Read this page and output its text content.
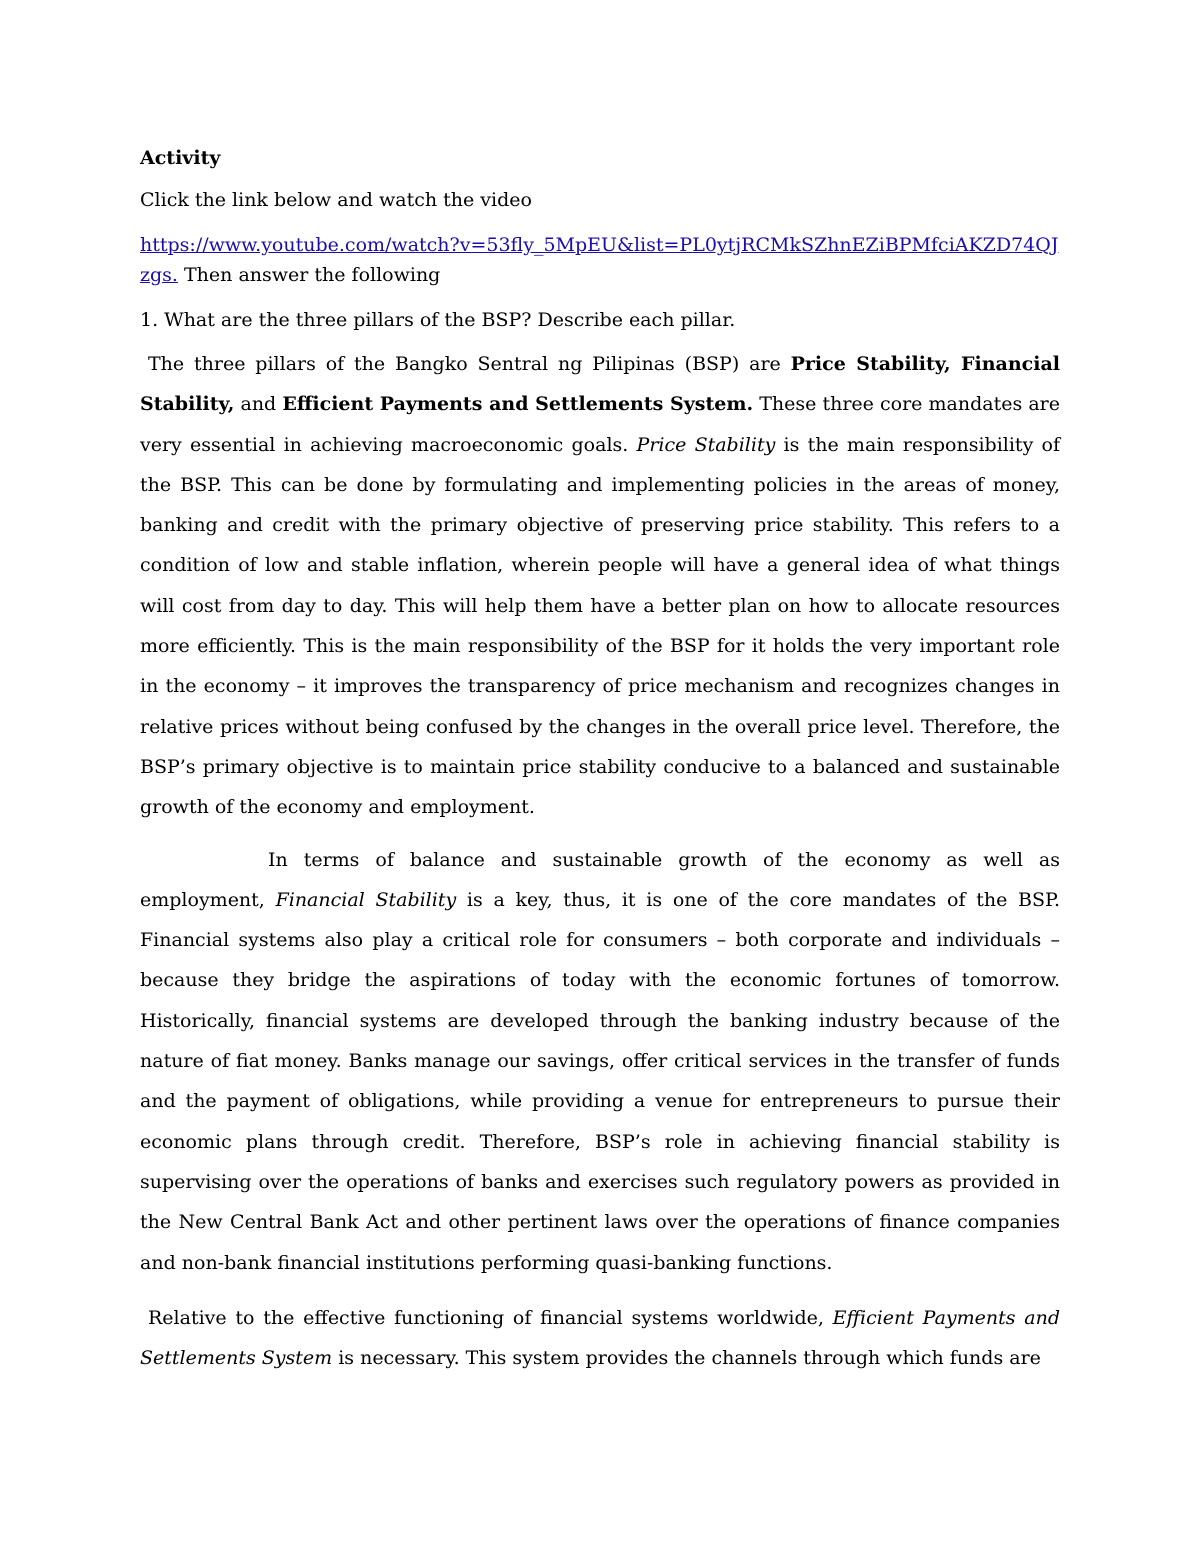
Activity

Click the link below and watch the video

https://www.youtube.com/watch?v=53fly_5MpEU&list=PL0ytjRCMkSZhnEZiBPMfciAKZD74QJzgs. Then answer the following

1. What are the three pillars of the BSP? Describe each pillar.

The three pillars of the Bangko Sentral ng Pilipinas (BSP) are Price Stability, Financial Stability, and Efficient Payments and Settlements System. These three core mandates are very essential in achieving macroeconomic goals. Price Stability is the main responsibility of the BSP. This can be done by formulating and implementing policies in the areas of money, banking and credit with the primary objective of preserving price stability. This refers to a condition of low and stable inflation, wherein people will have a general idea of what things will cost from day to day. This will help them have a better plan on how to allocate resources more efficiently. This is the main responsibility of the BSP for it holds the very important role in the economy – it improves the transparency of price mechanism and recognizes changes in relative prices without being confused by the changes in the overall price level. Therefore, the BSP’s primary objective is to maintain price stability conducive to a balanced and sustainable growth of the economy and employment.

In terms of balance and sustainable growth of the economy as well as employment, Financial Stability is a key, thus, it is one of the core mandates of the BSP. Financial systems also play a critical role for consumers – both corporate and individuals – because they bridge the aspirations of today with the economic fortunes of tomorrow. Historically, financial systems are developed through the banking industry because of the nature of fiat money. Banks manage our savings, offer critical services in the transfer of funds and the payment of obligations, while providing a venue for entrepreneurs to pursue their economic plans through credit. Therefore, BSP’s role in achieving financial stability is supervising over the operations of banks and exercises such regulatory powers as provided in the New Central Bank Act and other pertinent laws over the operations of finance companies and non-bank financial institutions performing quasi-banking functions.

Relative to the effective functioning of financial systems worldwide, Efficient Payments and Settlements System is necessary. This system provides the channels through which funds are
